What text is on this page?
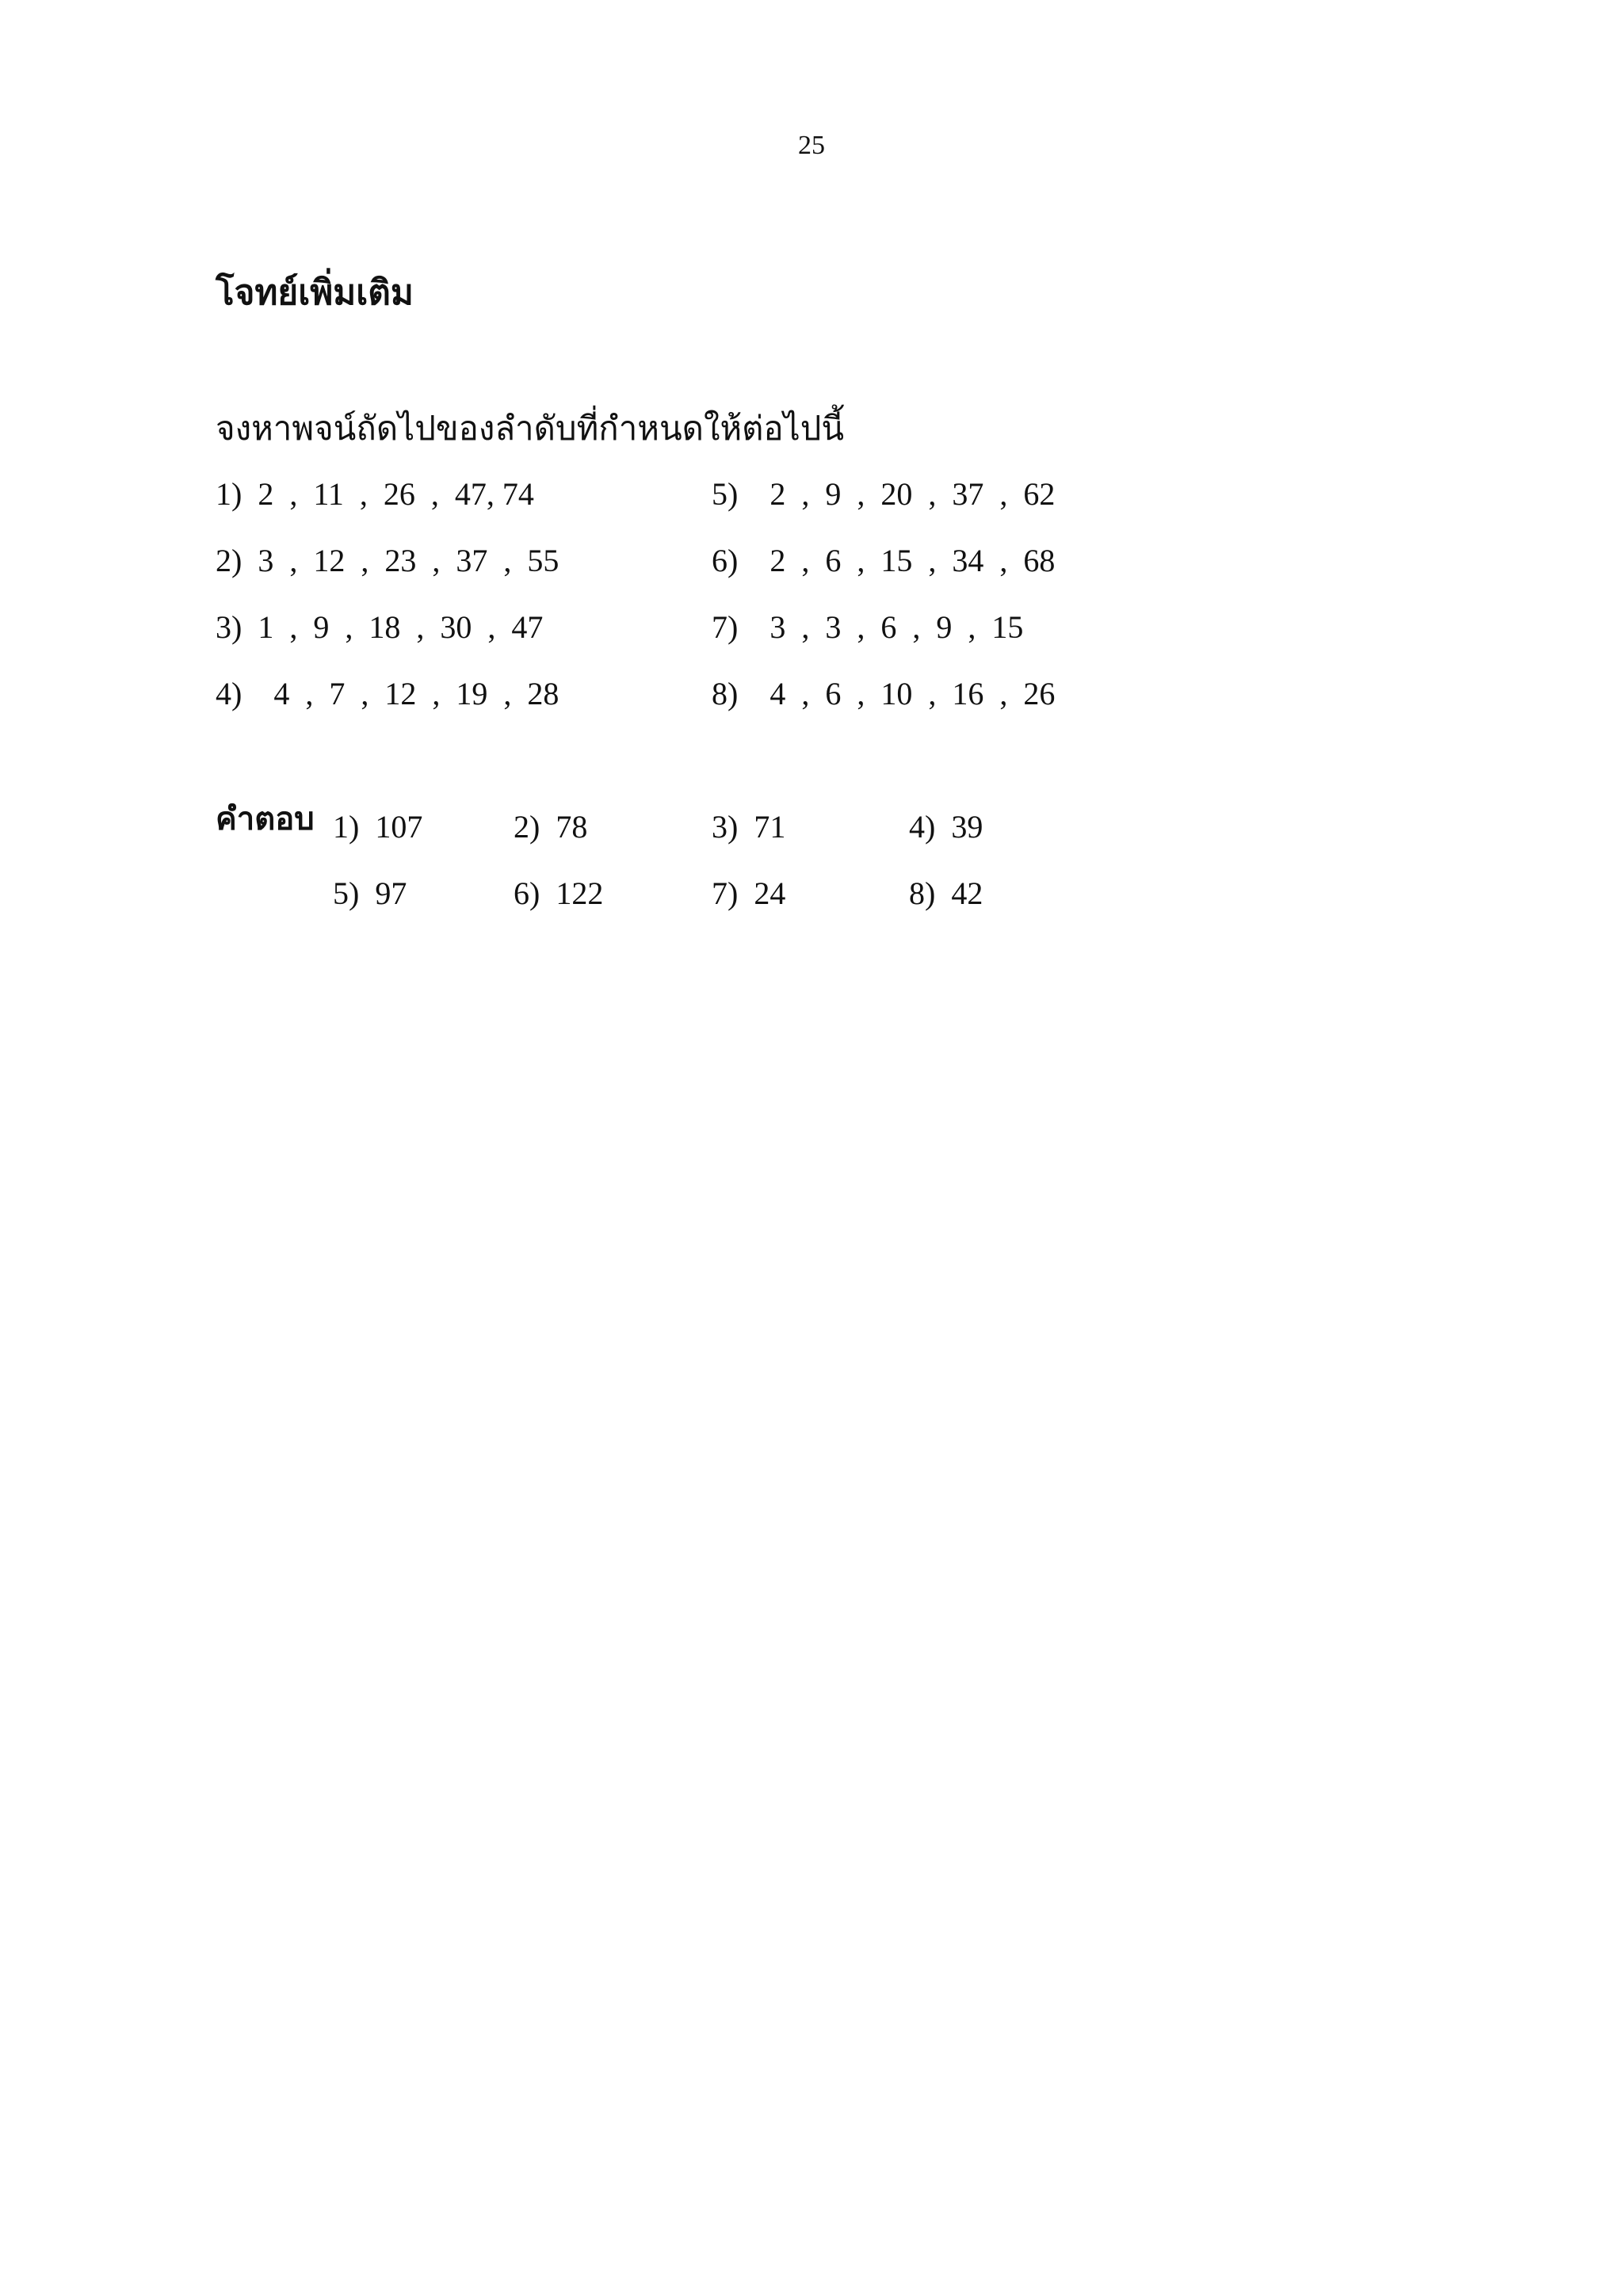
25
โจทย์เพิ่มเติม
จงหาพจน์ถัดไปของลำดับที่กำหนดให้ต่อไปนี้
1)  2  ,  11  ,  26  ,  47, 74
2)  3  ,  12  ,  23  ,  37  ,  55
3)  1  ,  9  ,  18  ,  30  ,  47
4)    4  ,  7  ,  12  ,  19  ,  28
5)    2  ,  9  ,  20  ,  37  ,  62
6)    2  ,  6  ,  15  ,  34  ,  68
7)    3  ,  3  ,  6  ,  9  ,  15
8)    4  ,  6  ,  10  ,  16  ,  26
คำตอบ 1)  107	2)  78	3)  71	4)  39
5)  97	6)  122	7)  24	8)  42
